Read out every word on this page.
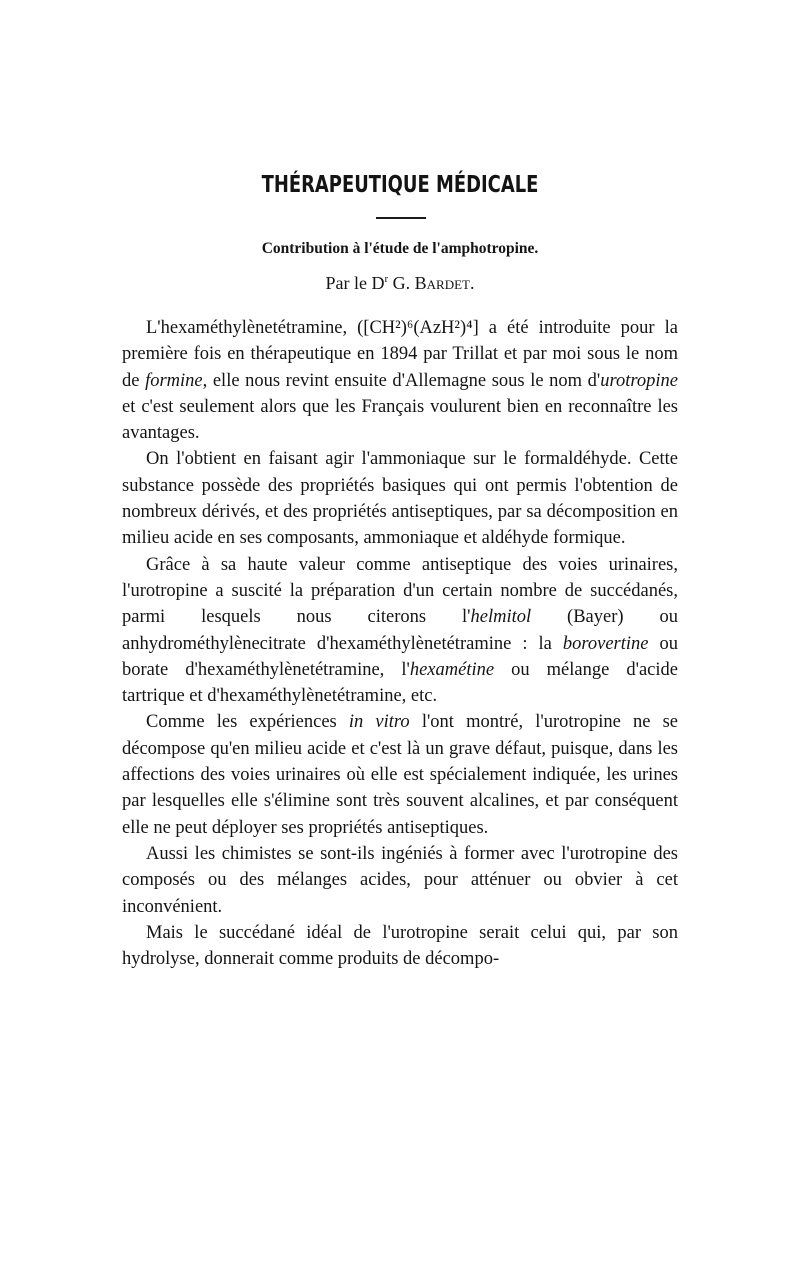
THÉRAPEUTIQUE MÉDICALE
Contribution à l'étude de l'amphotropine.
Par le $D^r$ G. Bardet.

L'hexaméthylènetétramine, ([CH²)⁶(AzH²)⁴] a été introduite pour la première fois en thérapeutique en 1894 par Trillat et par moi sous le nom de formine, elle nous revint ensuite d'Allemagne sous le nom d'urotropine et c'est seulement alors que les Français voulurent bien en reconnaître les avantages.

On l'obtient en faisant agir l'ammoniaque sur le formaldéhyde. Cette substance possède des propriétés basiques qui ont permis l'obtention de nombreux dérivés, et des propriétés antiseptiques, par sa décomposition en milieu acide en ses composants, ammoniaque et aldéhyde formique.

Grâce à sa haute valeur comme antiseptique des voies urinaires, l'urotropine a suscité la préparation d'un certain nombre de succédanés, parmi lesquels nous citerons l'helmitol (Bayer) ou anhydrométhylènecitrate d'hexaméthylènetétramine : la borovertine ou borate d'hexaméthylènetétramine, l'hexamétine ou mélange d'acide tartrique et d'hexaméthylènetétramine, etc.

Comme les expériences in vitro l'ont montré, l'urotropine ne se décompose qu'en milieu acide et c'est là un grave défaut, puisque, dans les affections des voies urinaires où elle est spécialement indiquée, les urines par lesquelles elle s'élimine sont très souvent alcalines, et par conséquent elle ne peut déployer ses propriétés antiseptiques.

Aussi les chimistes se sont-ils ingéniés à former avec l'urotropine des composés ou des mélanges acides, pour atténuer ou obvier à cet inconvénient.

Mais le succédané idéal de l'urotropine serait celui qui, par son hydrolyse, donnerait comme produits de décompo-
